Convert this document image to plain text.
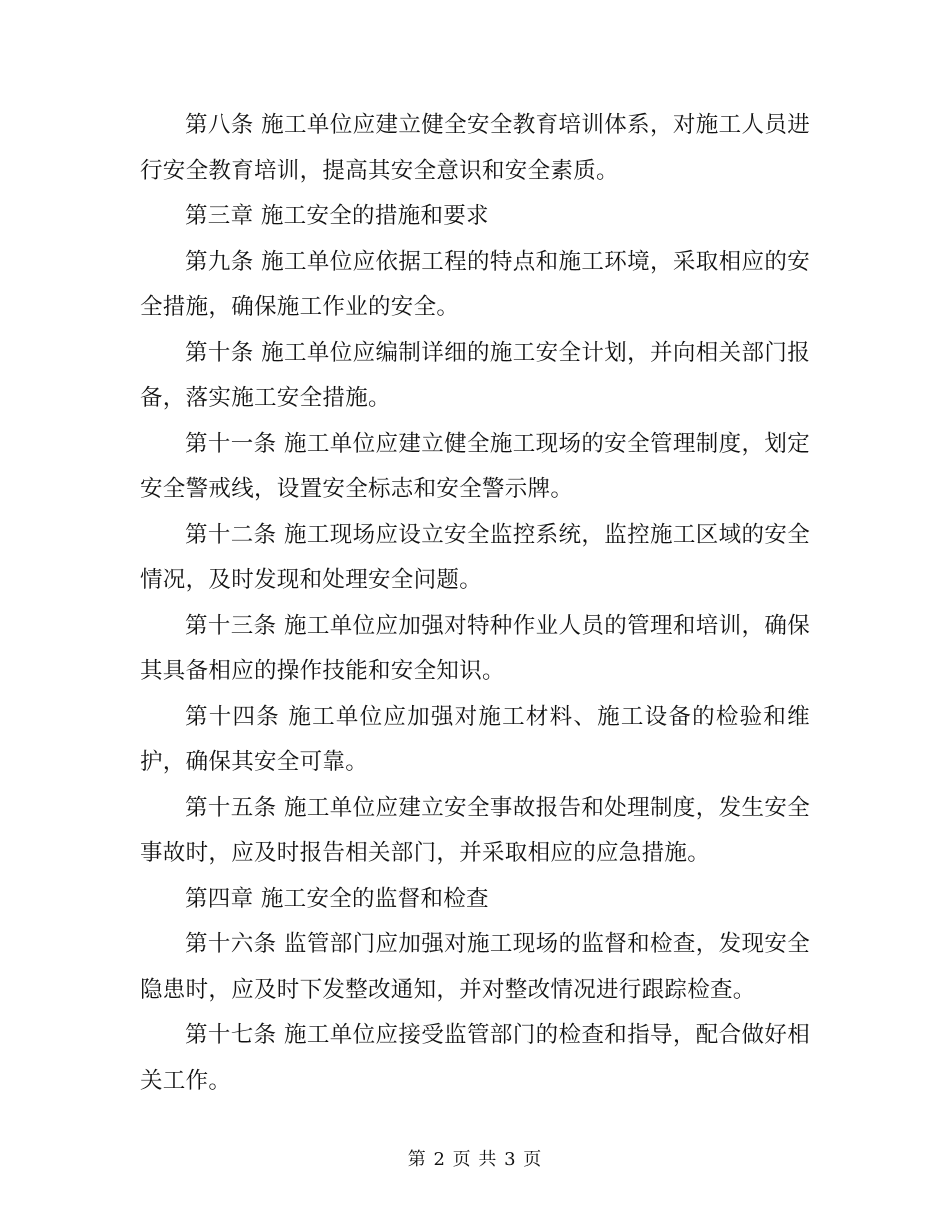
第八条 施工单位应建立健全安全教育培训体系，对施工人员进行安全教育培训，提高其安全意识和安全素质。

第三章 施工安全的措施和要求

第九条 施工单位应依据工程的特点和施工环境，采取相应的安全措施，确保施工作业的安全。

第十条 施工单位应编制详细的施工安全计划，并向相关部门报备，落实施工安全措施。

第十一条 施工单位应建立健全施工现场的安全管理制度，划定安全警戒线，设置安全标志和安全警示牌。

第十二条 施工现场应设立安全监控系统，监控施工区域的安全情况，及时发现和处理安全问题。

第十三条 施工单位应加强对特种作业人员的管理和培训，确保其具备相应的操作技能和安全知识。

第十四条 施工单位应加强对施工材料、施工设备的检验和维护，确保其安全可靠。

第十五条 施工单位应建立安全事故报告和处理制度，发生安全事故时，应及时报告相关部门，并采取相应的应急措施。

第四章 施工安全的监督和检查

第十六条 监管部门应加强对施工现场的监督和检查，发现安全隐患时，应及时下发整改通知，并对整改情况进行跟踪检查。

第十七条 施工单位应接受监管部门的检查和指导，配合做好相关工作。

第 2 页 共 3 页
